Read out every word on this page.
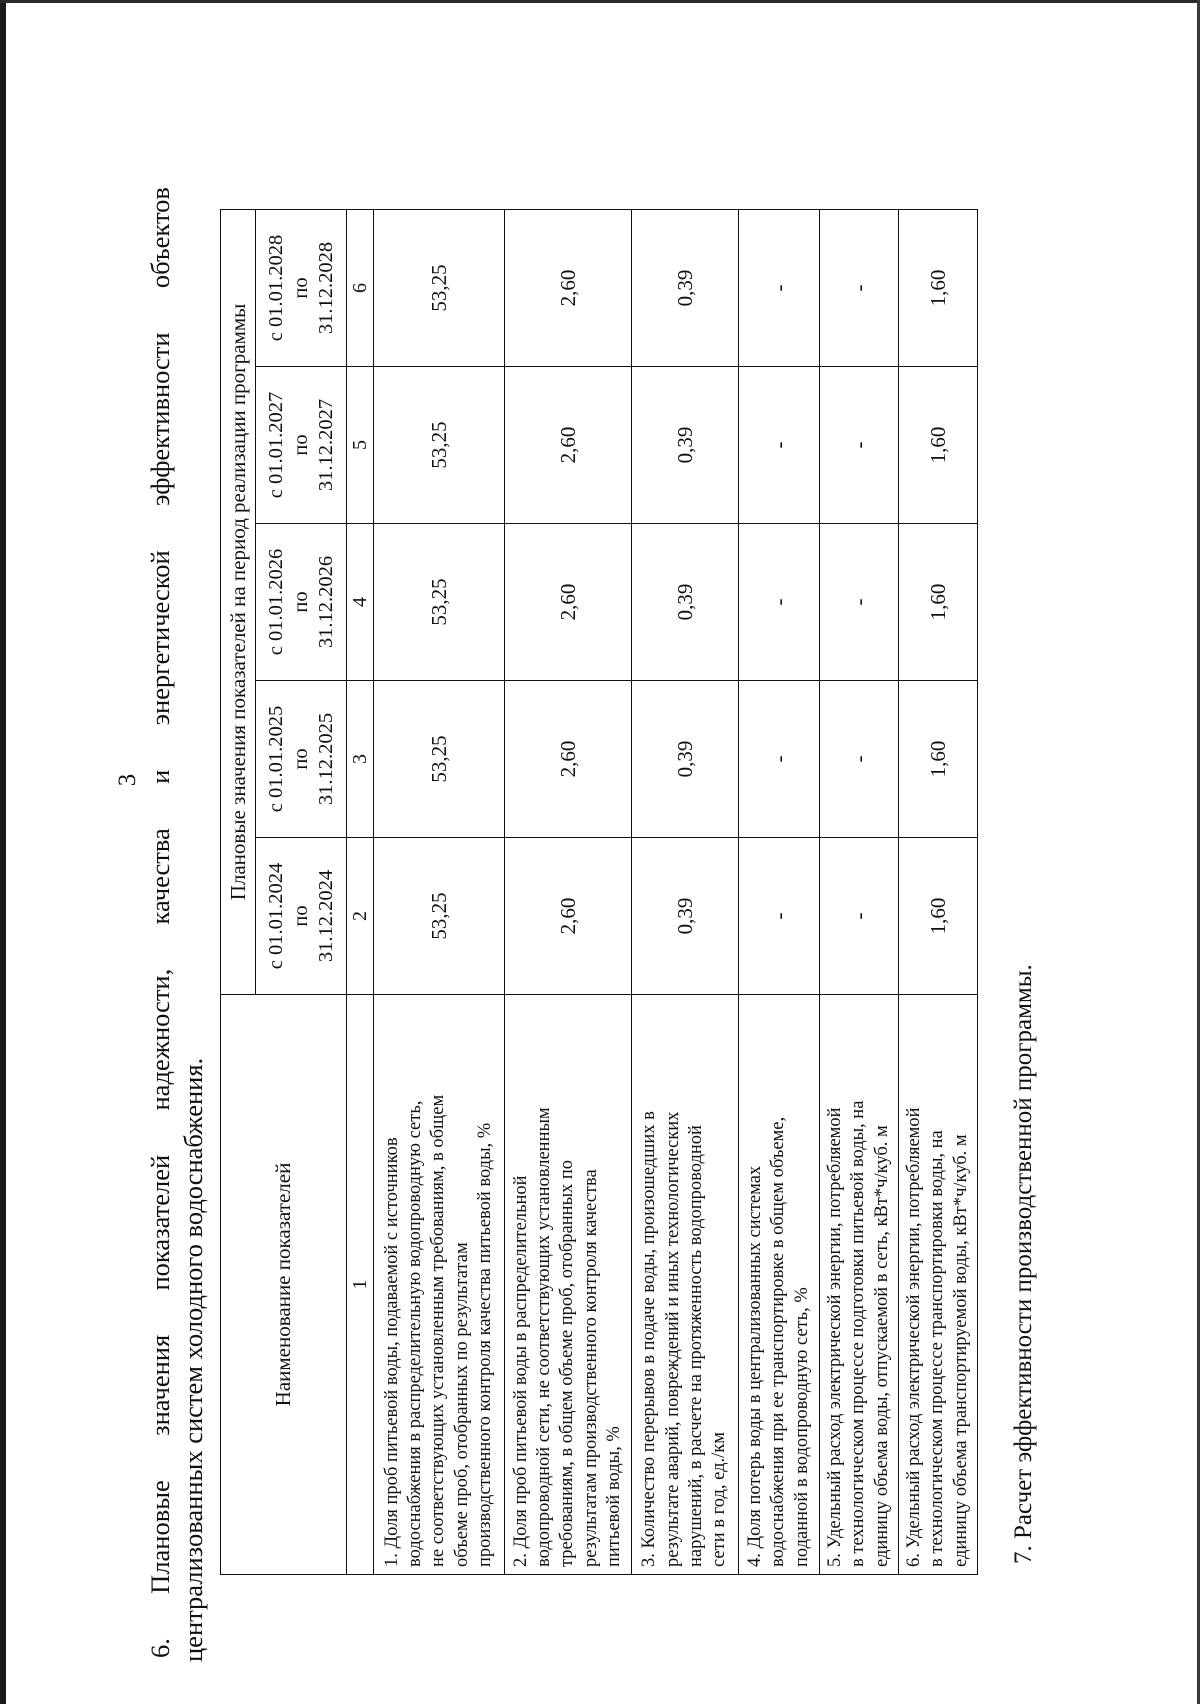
3
6.
Плановые
значения
показателей
надежности,
качества
и
энергетической
эффективности
объектов
централизованных систем холодного водоснабжения.	Наименование показателей	Плановые значения показателей на период реализации программы				
	с 01.01.2024 по 31.12.2024	с 01.01.2025 по 31.12.2025	с 01.01.2026 по 31.12.2026	с 01.01.2027 по 31.12.2027	с 01.01.2028 по 31.12.2028
1	2	3	4	5	6
1. Доля проб питьевой воды, подаваемой с источников водоснабжения в распределительную водопроводную сеть, не соответствующих установленным требованиям, в общем объеме проб, отобранных по результатам производственного контроля качества питьевой воды, %	53,25	53,25	53,25	53,25	53,25
2. Доля проб питьевой воды в распределительной водопроводной сети, не соответствующих установленным требованиям, в общем объеме проб, отобранных по результатам производственного контроля качества питьевой воды, %	2,60	2,60	2,60	2,60	2,60
3. Количество перерывов в подаче воды, произошедших в результате аварий, повреждений и иных технологических нарушений, в расчете на протяженность водопроводной сети в год, ед./км	0,39	0,39	0,39	0,39	0,39
4. Доля потерь воды в централизованных системах водоснабжения при ее транспортировке в общем объеме, поданной в водопроводную сеть, %	-	-	-	-	-
5. Удельный расход электрической энергии, потребляемой в технологическом процессе подготовки питьевой воды, на единицу объема воды, отпускаемой в сеть, кВт*ч/куб. м	-	-	-	-	-
6. Удельный расход электрической энергии, потребляемой в технологическом процессе транспортировки воды, на единицу объема транспортируемой воды, кВт*ч/куб. м	1,60	1,60	1,60	1,60	1,60
7. Расчет эффективности производственной программы.
